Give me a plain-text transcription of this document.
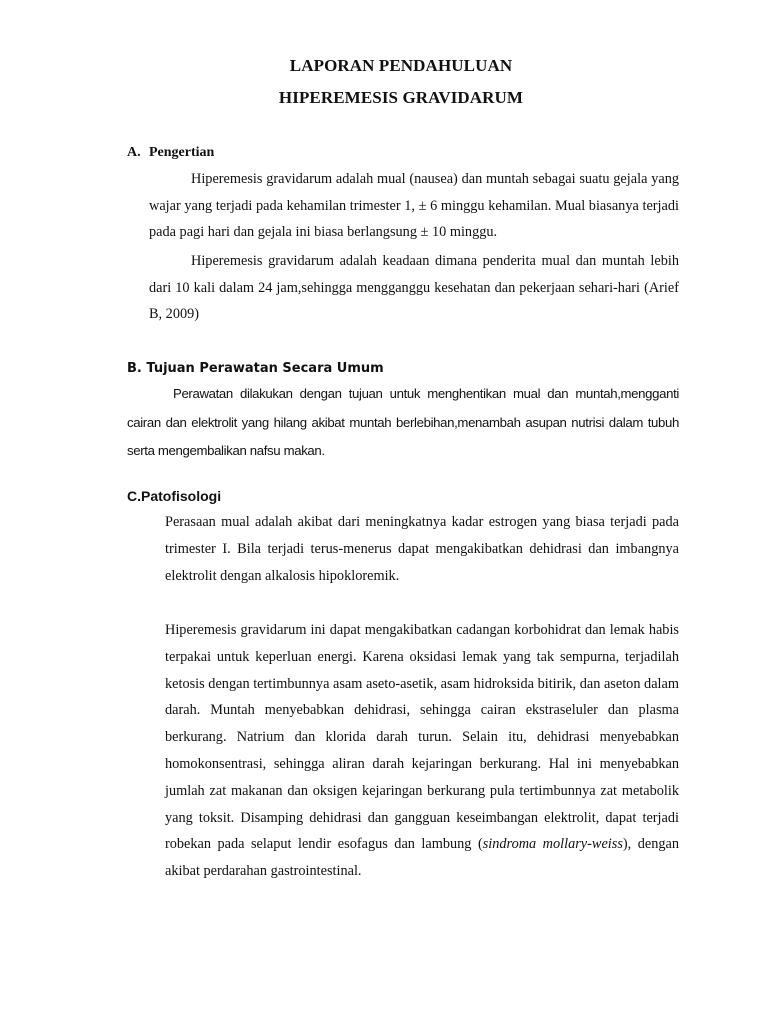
LAPORAN PENDAHULUAN
HIPEREMESIS GRAVIDARUM
A. Pengertian

Hiperemesis gravidarum adalah mual (nausea) dan muntah sebagai suatu gejala yang wajar yang terjadi pada kehamilan trimester 1, ± 6 minggu kehamilan. Mual biasanya terjadi pada pagi hari dan gejala ini biasa berlangsung ± 10 minggu.

Hiperemesis gravidarum adalah keadaan dimana penderita mual dan muntah lebih dari 10 kali dalam 24 jam,sehingga mengganggu kesehatan dan pekerjaan sehari-hari (Arief B, 2009)

B. Tujuan Perawatan Secara Umum

Perawatan dilakukan dengan tujuan untuk menghentikan mual dan muntah,mengganti cairan dan elektrolit yang hilang akibat muntah berlebihan,menambah asupan nutrisi dalam tubuh serta mengembalikan nafsu makan.

C.Patofisologi

Perasaan mual adalah akibat dari meningkatnya kadar estrogen yang biasa terjadi pada trimester I. Bila terjadi terus-menerus dapat mengakibatkan dehidrasi dan imbangnya elektrolit dengan alkalosis hipokloremik.

Hiperemesis gravidarum ini dapat mengakibatkan cadangan korbohidrat dan lemak habis terpakai untuk keperluan energi. Karena oksidasi lemak yang tak sempurna, terjadilah ketosis dengan tertimbunnya asam aseto-asetik, asam hidroksida bitirik, dan aseton dalam darah. Muntah menyebabkan dehidrasi, sehingga cairan ekstraseluler dan plasma berkurang. Natrium dan klorida darah turun. Selain itu, dehidrasi menyebabkan homokonsentrasi, sehingga aliran darah kejaringan berkurang. Hal ini menyebabkan jumlah zat makanan dan oksigen kejaringan berkurang pula tertimbunnya zat metabolik yang toksit. Disamping dehidrasi dan gangguan keseimbangan elektrolit, dapat terjadi robekan pada selaput lendir esofagus dan lambung (sindroma mollary-weiss), dengan akibat perdarahan gastrointestinal.
